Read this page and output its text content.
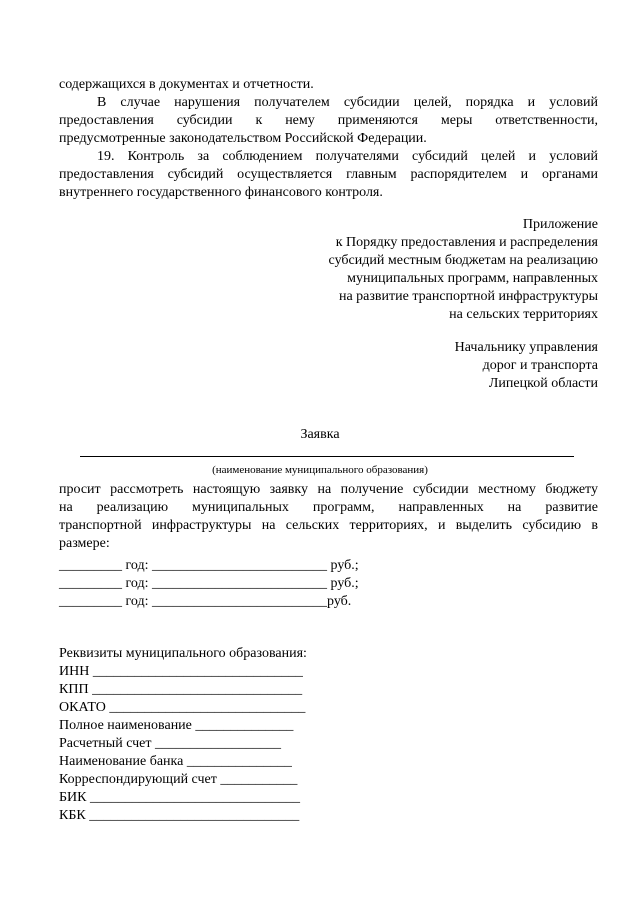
содержащихся в документах и отчетности.
В случае нарушения получателем субсидии целей, порядка и условий
предоставления субсидии к нему применяются меры ответственности,
предусмотренные законодательством Российской Федерации.
19. Контроль за соблюдением получателями субсидий целей и условий
предоставления субсидий осуществляется главным распорядителем и органами
внутреннего государственного финансового контроля.
Приложение
к Порядку предоставления и распределения
субсидий местным бюджетам на реализацию
муниципальных программ, направленных
на развитие транспортной инфраструктуры
на сельских территориях
Начальнику управления
дорог и транспорта
Липецкой области
Заявка
(наименование муниципального образования)
просит рассмотреть настоящую заявку на получение субсидии местному бюджету
на реализацию муниципальных программ, направленных на развитие
транспортной инфраструктуры на сельских территориях, и выделить субсидию в
размере:
_________ год: _________________________ руб.;
_________ год: _________________________ руб.;
_________ год: _________________________руб.
Реквизиты муниципального образования:
ИНН ______________________________
КПП ______________________________
ОКАТО ____________________________
Полное наименование ______________
Расчетный счет __________________
Наименование банка _______________
Корреспондирующий счет ___________
БИК ______________________________
КБК ______________________________
